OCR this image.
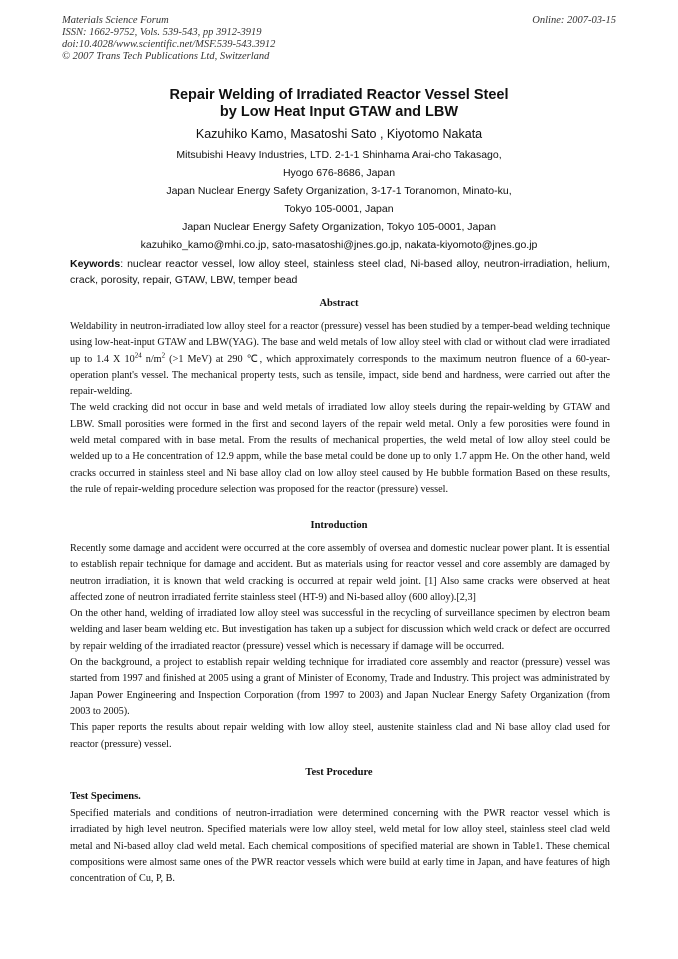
Materials Science Forum
ISSN: 1662-9752, Vols. 539-543, pp 3912-3919
doi:10.4028/www.scientific.net/MSF.539-543.3912
© 2007 Trans Tech Publications Ltd, Switzerland
Online: 2007-03-15
Repair Welding of Irradiated Reactor Vessel Steel
by Low Heat Input GTAW and LBW
Kazuhiko Kamo, Masatoshi Sato , Kiyotomo Nakata
Mitsubishi Heavy Industries, LTD. 2-1-1 Shinhama Arai-cho Takasago,
Hyogo 676-8686, Japan
Japan Nuclear Energy Safety Organization, 3-17-1 Toranomon, Minato-ku,
Tokyo 105-0001, Japan
Japan Nuclear Energy Safety Organization, Tokyo 105-0001, Japan
kazuhiko_kamo@mhi.co.jp, sato-masatoshi@jnes.go.jp, nakata-kiyomoto@jnes.go.jp
Keywords: nuclear reactor vessel, low alloy steel, stainless steel clad, Ni-based alloy, neutron-irradiation, helium, crack, porosity, repair, GTAW, LBW, temper bead
Abstract

Weldability in neutron-irradiated low alloy steel for a reactor (pressure) vessel has been studied by a temper-bead welding technique using low-heat-input GTAW and LBW(YAG). The base and weld metals of low alloy steel with clad or without clad were irradiated up to 1.4 X $10^{24}$ $n/m^2$ (>1 MeV) at 290 ℃, which approximately corresponds to the maximum neutron fluence of a 60-year-operation plant's vessel. The mechanical property tests, such as tensile, impact, side bend and hardness, were carried out after the repair-welding.

The weld cracking did not occur in base and weld metals of irradiated low alloy steels during the repair-welding by GTAW and LBW. Small porosities were formed in the first and second layers of the repair weld metal. Only a few porosities were found in weld metal compared with in base metal. From the results of mechanical properties, the weld metal of low alloy steel could be welded up to a He concentration of 12.9 appm, while the base metal could be done up to only 1.7 appm He. On the other hand, weld cracks occurred in stainless steel and Ni base alloy clad on low alloy steel caused by He bubble formation Based on these results, the rule of repair-welding procedure selection was proposed for the reactor (pressure) vessel.

Introduction

Recently some damage and accident were occurred at the core assembly of oversea and domestic nuclear power plant. It is essential to establish repair technique for damage and accident. But as materials using for reactor vessel and core assembly are damaged by neutron irradiation, it is known that weld cracking is occurred at repair weld joint. [1] Also same cracks were observed at heat affected zone of neutron irradiated ferrite stainless steel (HT-9) and Ni-based alloy (600 alloy).[2,3]

On the other hand, welding of irradiated low alloy steel was successful in the recycling of surveillance specimen by electron beam welding and laser beam welding etc. But investigation has taken up a subject for discussion which weld crack or defect are occurred by repair welding of the irradiated reactor (pressure) vessel which is necessary if damage will be occurred.

On the background, a project to establish repair welding technique for irradiated core assembly and reactor (pressure) vessel was started from 1997 and finished at 2005 using a grant of Minister of Economy, Trade and Industry. This project was administrated by Japan Power Engineering and Inspection Corporation (from 1997 to 2003) and Japan Nuclear Energy Safety Organization (from 2003 to 2005).

This paper reports the results about repair welding with low alloy steel, austenite stainless clad and Ni base alloy clad used for reactor (pressure) vessel.

Test Procedure
Test Specimens.

Specified materials and conditions of neutron-irradiation were determined concerning with the PWR reactor vessel which is irradiated by high level neutron. Specified materials were low alloy steel, weld metal for low alloy steel, stainless steel clad weld metal and Ni-based alloy clad weld metal. Each chemical compositions of specified material are shown in Table1. These chemical compositions were almost same ones of the PWR reactor vessels which were build at early time in Japan, and have features of high concentration of Cu, P, B.
